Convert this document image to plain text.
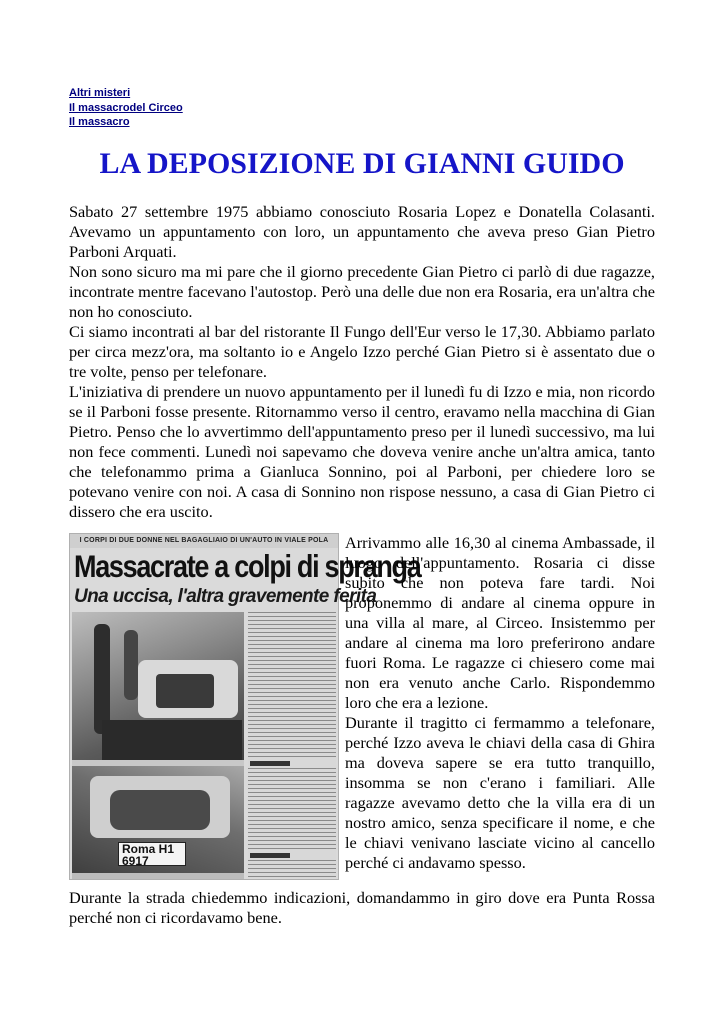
Altri misteri
Il massacrodel Circeo
Il massacro
LA DEPOSIZIONE DI GIANNI GUIDO

Sabato 27 settembre 1975 abbiamo conosciuto Rosaria Lopez e Donatella Colasanti. Avevamo un appuntamento con loro, un appuntamento che aveva preso Gian Pietro Parboni Arquati.

Non sono sicuro ma mi pare che il giorno precedente Gian Pietro ci parlò di due ragazze, incontrate mentre facevano l'autostop. Però una delle due non era Rosaria, era un'altra che non ho conosciuto.

Ci siamo incontrati al bar del ristorante Il Fungo dell'Eur verso le 17,30. Abbiamo parlato per circa mezz'ora, ma soltanto io e Angelo Izzo perché Gian Pietro si è assentato due o tre volte, penso per telefonare.

L'iniziativa di prendere un nuovo appuntamento per il lunedì fu di Izzo e mia, non ricordo se il Parboni fosse presente. Ritornammo verso il centro, eravamo nella macchina di Gian Pietro. Penso che lo avvertimmo dell'appuntamento preso per il lunedì successivo, ma lui non fece commenti. Lunedì noi sapevamo che doveva venire anche un'altra amica, tanto che telefonammo prima a Gianluca Sonnino, poi al Parboni, per chiedere loro se potevano venire con noi. A casa di Sonnino non rispose nessuno, a casa di Gian Pietro ci dissero che era uscito.

I CORPI DI DUE DONNE NEL BAGAGLIAIO DI UN'AUTO IN VIALE POLA
Massacrate a colpi di spranga
Una uccisa, l'altra gravemente ferita
Roma H1
6917

Arrivammo alle 16,30 al cinema Ambassade, il luogo dell'appuntamento. Rosaria ci disse subito che non poteva fare tardi. Noi proponemmo di andare al cinema oppure in una villa al mare, al Circeo. Insistemmo per andare al cinema ma loro preferirono andare fuori Roma. Le ragazze ci chiesero come mai non era venuto anche Carlo. Rispondemmo loro che era a lezione.

Durante il tragitto ci fermammo a telefonare, perché Izzo aveva le chiavi della casa di Ghira ma doveva sapere se era tutto tranquillo, insomma se non c'erano i familiari. Alle ragazze avevamo detto che la villa era di un nostro amico, senza specificare il nome, e che le chiavi venivano lasciate vicino al cancello perché ci andavamo spesso.

Durante la strada chiedemmo indicazioni, domandammo in giro dove era Punta Rossa perché non ci ricordavamo bene.
